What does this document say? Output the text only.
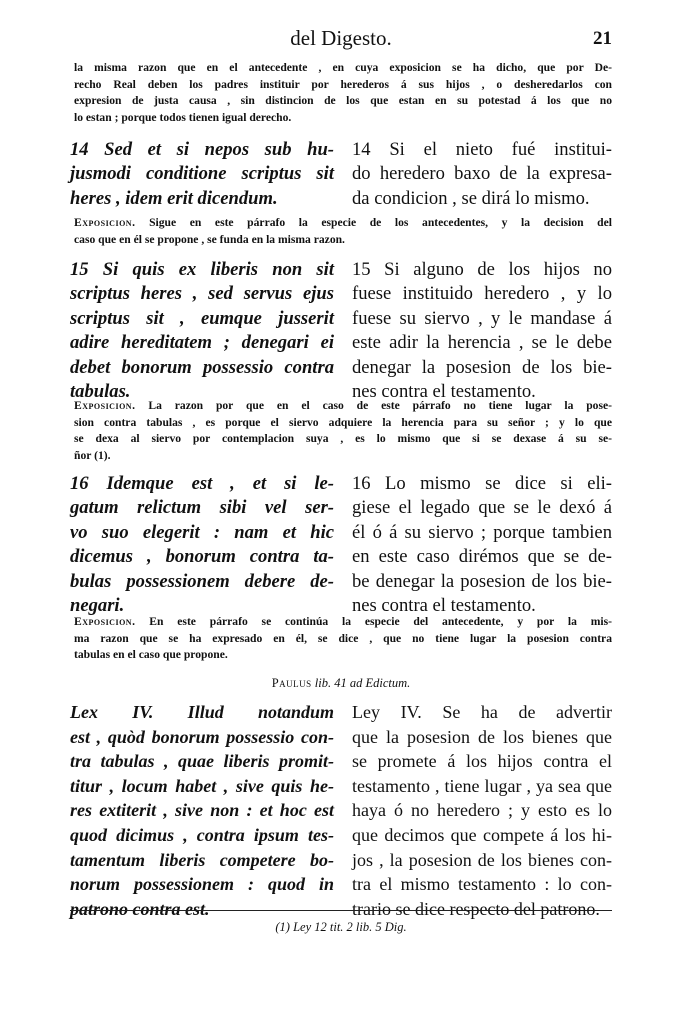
del Digesto.	21
la misma razon que en el antecedente , en cuya exposicion se ha dicho, que por De-
recho Real deben los padres instituir por herederos á sus hijos , o desheredarlos con
expresion de justa causa , sin distincion de los que estan en su potestad á los que no
lo estan ; porque todos tienen igual derecho.
14 Sed et si nepos sub hu-
jusmodi conditione scriptus sit
heres , idem erit dicendum.
14 Si el nieto fué institui-
do heredero baxo de la expresa-
da condicion , se dirá lo mismo.
Exposicion. Sigue en este párrafo la especie de los antecedentes, y la decision del
caso que en él se propone , se funda en la misma razon.
15 Si quis ex liberis non sit
scriptus heres , sed servus ejus
scriptus sit , eumque jusserit
adire hereditatem ; denegari ei
debet bonorum possessio contra
tabulas.
15 Si alguno de los hijos no
fuese instituido heredero , y lo
fuese su siervo , y le mandase á
este adir la herencia , se le debe
denegar la posesion de los bie-
nes contra el testamento.
Exposicion. La razon por que en el caso de este párrafo no tiene lugar la pose-
sion contra tabulas , es porque el siervo adquiere la herencia para su señor ; y lo que
se dexa al siervo por contemplacion suya , es lo mismo que si se dexase á su se-
ñor (1).
16 Idemque est , et si le-
gatum relictum sibi vel ser-
vo suo elegerit : nam et hic
dicemus , bonorum contra ta-
bulas possessionem debere de-
negari.
16 Lo mismo se dice si eli-
giese el legado que se le dexó á
él ó á su siervo ; porque tambien
en este caso dirémos que se de-
be denegar la posesion de los bie-
nes contra el testamento.
Exposicion. En este párrafo se continúa la especie del antecedente, y por la mis-
ma razon que se ha expresado en él, se dice , que no tiene lugar la posesion contra
tabulas en el caso que propone.
Paulus lib. 41 ad Edictum.
Lex IV. Illud notandum
est , quòd bonorum possessio con-
tra tabulas , quae liberis promit-
titur , locum habet , sive quis he-
res extiterit , sive non : et hoc est
quod dicimus , contra ipsum tes-
tamentum liberis competere bo-
norum possessionem : quod in
patrono contra est.
Ley IV. Se ha de advertir
que la posesion de los bienes que
se promete á los hijos contra el
testamento , tiene lugar , ya sea que
haya ó no heredero ; y esto es lo
que decimos que compete á los hi-
jos , la posesion de los bienes con-
tra el mismo testamento : lo con-
trario se dice respecto del patrono.
(1) Ley 12 tit. 2 lib. 5 Dig.
